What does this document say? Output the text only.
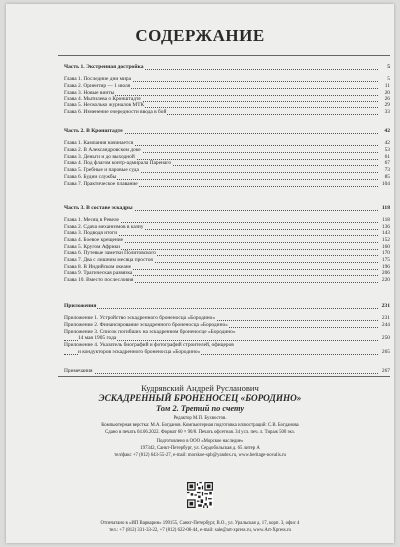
СОДЕРЖАНИЕ
Часть 1. Экстренная достройка	5
Глава 1. Последние дни мира	5
Глава 2. Ориентир — 1 июля	11
Глава 3. Новые винты	20
Глава 4. Мытилева о Кронштадте	26
Глава 5. Несколько журналов МТК	29
Глава 6. Изменение очередности ввода в бой	33
Часть 2. В Кронштадте	42
Глава 1. Кампания начинается	42
Глава 2. В Александровском доке	53
Глава 3. Деньги и до выходной	61
Глава 4. Под флагом контр-адмирала Паренаго	67
Глава 5. Гребные и паровые суда	73
Глава 6. Будни службы	85
Глава 7. Практическое плавание	104
Часть 3. В составе эскадры	118
Глава 1. Месяц в Ревеле	118
Глава 2. Сдача механизмов в казну	136
Глава 3. Подводя итоги	143
Глава 4. Боевое крещение	152
Глава 5. Кругом Африки	160
Глава 6. Путевые заметки Политовского	170
Глава 7. Два с лишним месяца простоя	175
Глава 8. В Индийском океане	196
Глава 9. Трагическая развязка	206
Глава 10. Вместо послесловия	220
Приложения	231
Приложение 1. Устройство эскадренного броненосца «Бородино»	231
Приложение 2. Финансирование эскадренного броненосца «Бородино»	244
Приложение 3. Список погибших на эскадренном броненосце «Бородино»
14 мая 1905 года	250
Приложение 4. Указатель биографий и фотографий строителей, офицеров
и кондукторов эскадренного броненосца «Бородино»	265
Примечания	267
Кудрявский Андрей Русланович
ЭСКАДРЕННЫЙ БРОНЕНОСЕЦ «БОРОДИНО»
Том 2. Третий по счету
Редактор М.П. Бухвостов.
Компьютерная верстка: М.А. Богданов. Компьютерная подготовка иллюстраций: С.В. Богданова
Сдано в печать 04.06.2022. Формат 60 × 90/8. Печать офсетная. 34 усл. печ. л. Тираж 500 экз.
Подготовлено в ООО «Морское наследие»
197342, Санкт-Петербург, ул. Сердобольская д. 65 литер А
тел/факс +7 (812) 643-55-27, e-mail: morskoe-spb@yandex.ru, www.heritage-novalis.ru
Отпечатано в «ИП Варварин» 199155, Санкт-Петербург, В.О., ул. Уральская д. 17, корп. 3, офис 4
тел.: +7 (812) 331-33-22, +7 (812) 622-06-44, e-mail: sale@art-xpress.ru, www.Art-Xpress.ru
